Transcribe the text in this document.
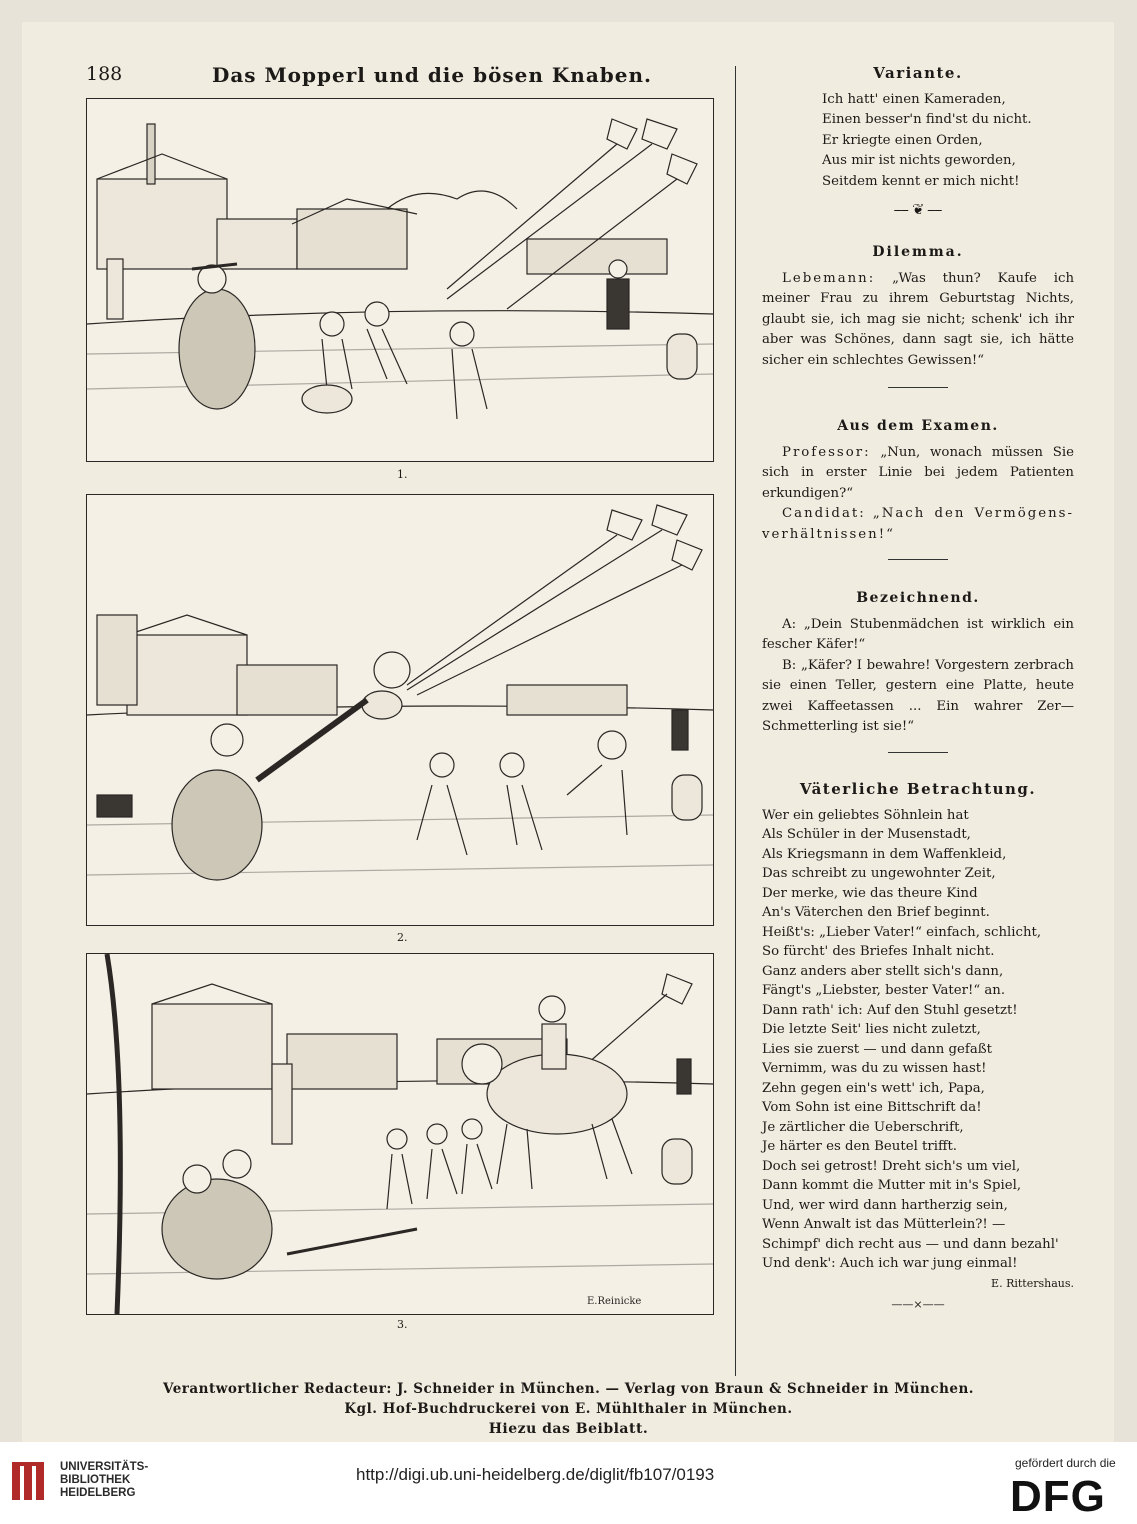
188	Das Mopperl und die bösen Knaben.
1.
2.
E.Reinicke
3.
Variante.
Ich hatt' einen Kameraden,
Einen besser'n find'st du nicht.
Er kriegte einen Orden,
Aus mir ist nichts geworden,
Seitdem kennt er mich nicht!
⎯⎯ ❦ ⎯⎯
Dilemma.
Lebemann: „Was thun? Kaufe ich meiner Frau zu ihrem Geburtstag Nichts, glaubt sie, ich mag sie nicht; schenk' ich ihr aber was Schönes, dann sagt sie, ich hätte sicher ein schlechtes Gewissen!“
Aus dem Examen.
Professor: „Nun, wonach müssen Sie sich in erster Linie bei jedem Patienten erkundigen?“
Candidat: „Nach den Vermögens-verhältnissen!“
Bezeichnend.
A: „Dein Stubenmädchen ist wirklich ein fescher Käfer!“
B: „Käfer? I bewahre! Vorgestern zerbrach sie einen Teller, gestern eine Platte, heute zwei Kaffeetassen ... Ein wahrer Zer—Schmetterling ist sie!“
Väterliche Betrachtung.
Wer ein geliebtes Söhnlein hat
Als Schüler in der Musenstadt,
Als Kriegsmann in dem Waffenkleid,
Das schreibt zu ungewohnter Zeit,
Der merke, wie das theure Kind
An's Väterchen den Brief beginnt.
Heißt's: „Lieber Vater!“ einfach, schlicht,
So fürcht' des Briefes Inhalt nicht.
Ganz anders aber stellt sich's dann,
Fängt's „Liebster, bester Vater!“ an.
Dann rath' ich: Auf den Stuhl gesetzt!
Die letzte Seit' lies nicht zuletzt,
Lies sie zuerst — und dann gefaßt
Vernimm, was du zu wissen hast!
Zehn gegen ein's wett' ich, Papa,
Vom Sohn ist eine Bittschrift da!
Je zärtlicher die Ueberschrift,
Je härter es den Beutel trifft.
Doch sei getrost! Dreht sich's um viel,
Dann kommt die Mutter mit in's Spiel,
Und, wer wird dann hartherzig sein,
Wenn Anwalt ist das Mütterlein?! —
Schimpf' dich recht aus — und dann bezahl'
Und denk': Auch ich war jung einmal!
E. Rittershaus.
——×——
Verantwortlicher Redacteur: J. Schneider in München. — Verlag von Braun & Schneider in München.
Kgl. Hof-Buchdruckerei von E. Mühlthaler in München.
Hiezu das Beiblatt.
UNIVERSITÄTS-
BIBLIOTHEK
HEIDELBERG
http://digi.ub.uni-heidelberg.de/diglit/fb107/0193
gefördert durch die
DFG
